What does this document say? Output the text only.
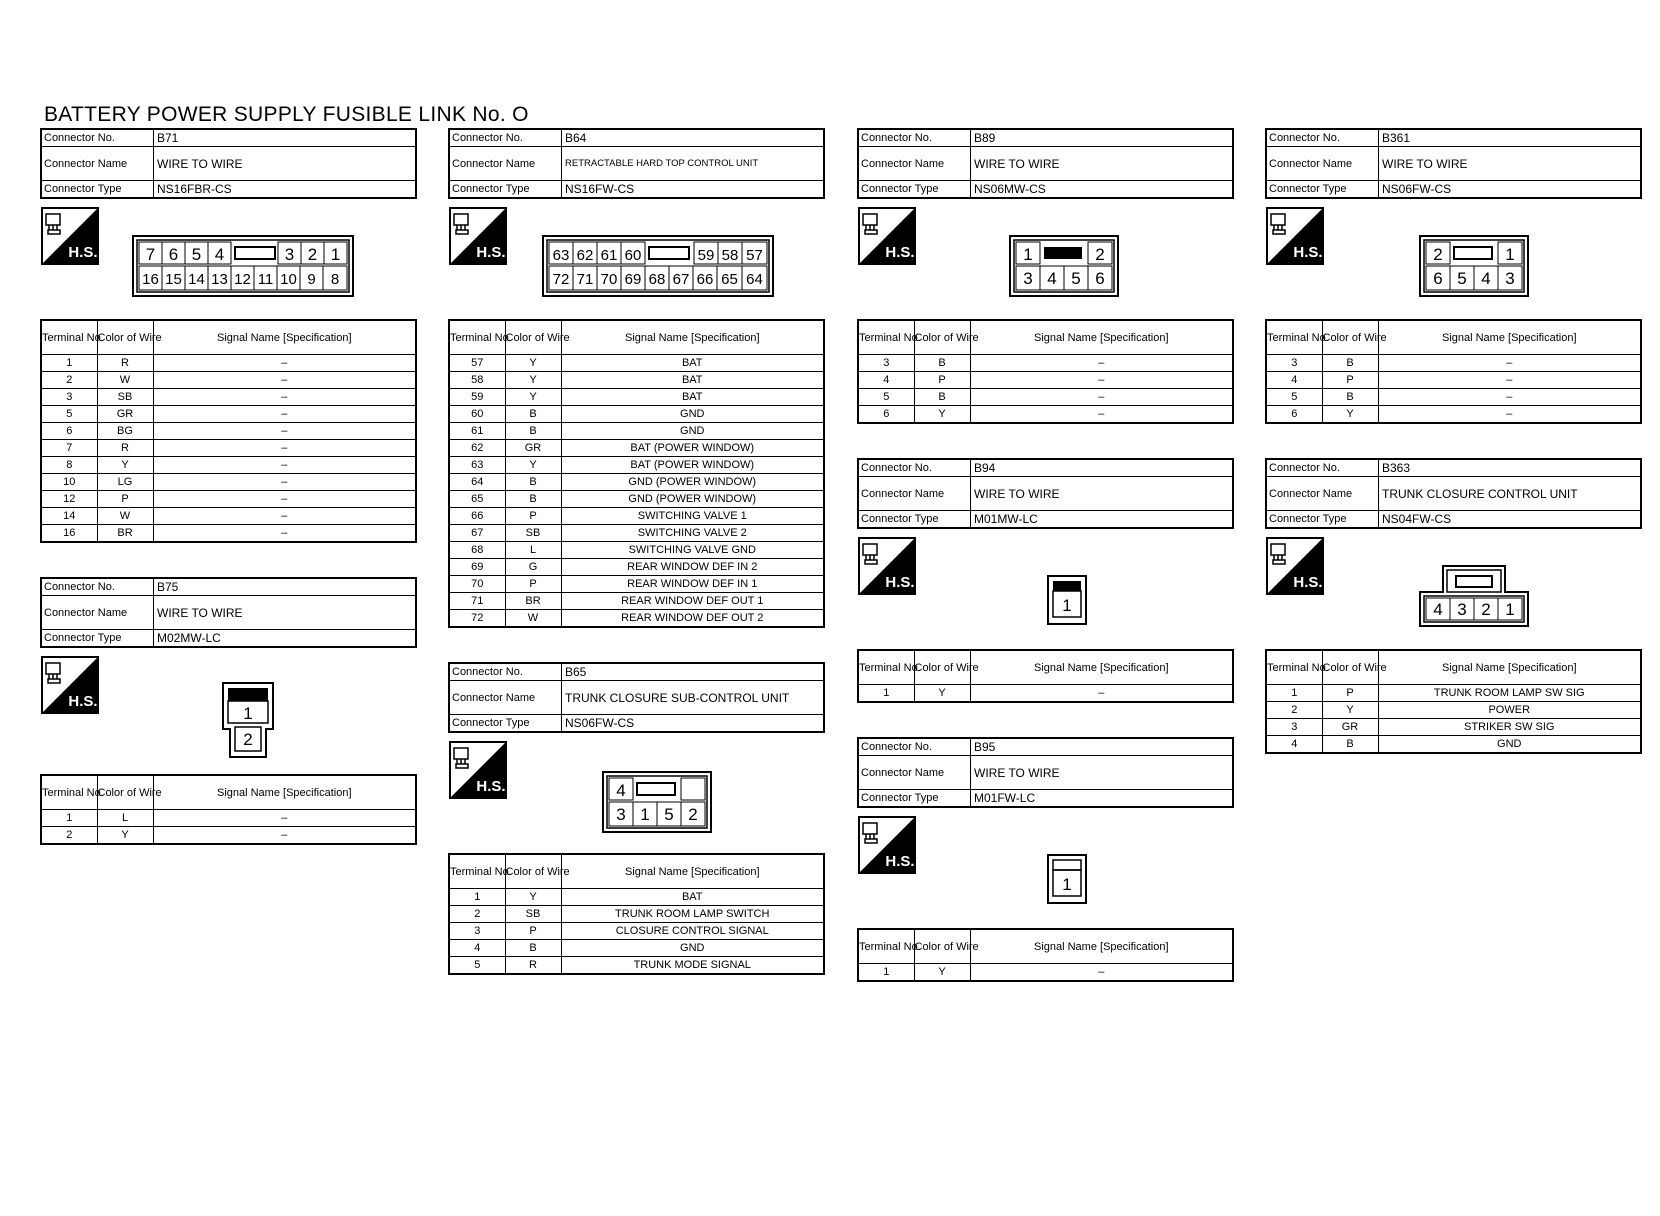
BATTERY POWER SUPPLY FUSIBLE LINK No. O
Connector No.	B71
Connector Name	WIRE TO WIRE
Connector Type	NS16FBR-CS
H.S.	7 6 5 4	3 2 1
16 15 14 13 12 11 10 9 8
Terminal No.	Color of Wire	Signal Name [Specification]
1	R	–
2	W	–
3	SB	–
5	GR	–
6	BG	–
7	R	–
8	Y	–
10	LG	–
12	P	–
14	W	–
16	BR	–
Connector No.	B75
Connector Name	WIRE TO WIRE
Connector Type	M02MW-LC
H.S.
1
2
Terminal No.	Color of Wire	Signal Name [Specification]
1	L	–
2	Y	–
Connector No.	B64
Connector Name	RETRACTABLE HARD TOP CONTROL UNIT
Connector Type	NS16FW-CS
H.S.	63 62 61 60	59 58 57
72 71 70 69 68 67 66 65 64
Terminal No.	Color of Wire	Signal Name [Specification]
57	Y	BAT
58	Y	BAT
59	Y	BAT
60	B	GND
61	B	GND
62	GR	BAT (POWER WINDOW)
63	Y	BAT (POWER WINDOW)
64	B	GND (POWER WINDOW)
65	B	GND (POWER WINDOW)
66	P	SWITCHING VALVE 1
67	SB	SWITCHING VALVE 2
68	L	SWITCHING VALVE GND
69	G	REAR WINDOW DEF IN 2
70	P	REAR WINDOW DEF IN 1
71	BR	REAR WINDOW DEF OUT 1
72	W	REAR WINDOW DEF OUT 2
Connector No.	B65
Connector Name	TRUNK CLOSURE SUB-CONTROL UNIT
Connector Type	NS06FW-CS
H.S.	4
3 1 5 2
Terminal No.	Color of Wire	Signal Name [Specification]
1	Y	BAT
2	SB	TRUNK ROOM LAMP SWITCH
3	P	CLOSURE CONTROL SIGNAL
4	B	GND
5	R	TRUNK MODE SIGNAL
Connector No.	B89
Connector Name	WIRE TO WIRE
Connector Type	NS06MW-CS
H.S.	1	2
3 4 5 6
Terminal No.	Color of Wire	Signal Name [Specification]
3	B	–
4	P	–
5	B	–
6	Y	–
Connector No.	B94
Connector Name	WIRE TO WIRE
Connector Type	M01MW-LC
H.S.
1
Terminal No.	Color of Wire	Signal Name [Specification]
1	Y	–
Connector No.	B95
Connector Name	WIRE TO WIRE
Connector Type	M01FW-LC
H.S.
1
Terminal No.	Color of Wire	Signal Name [Specification]
1	Y	–
Connector No.	B361
Connector Name	WIRE TO WIRE
Connector Type	NS06FW-CS
H.S.	2	1
6 5 4 3
Terminal No.	Color of Wire	Signal Name [Specification]
3	B	–
4	P	–
5	B	–
6	Y	–
Connector No.	B363
Connector Name	TRUNK CLOSURE CONTROL UNIT
Connector Type	NS04FW-CS
H.S.
4 3 2 1
Terminal No.	Color of Wire	Signal Name [Specification]
1	P	TRUNK ROOM LAMP SW SIG
2	Y	POWER
3	GR	STRIKER SW SIG
4	B	GND
